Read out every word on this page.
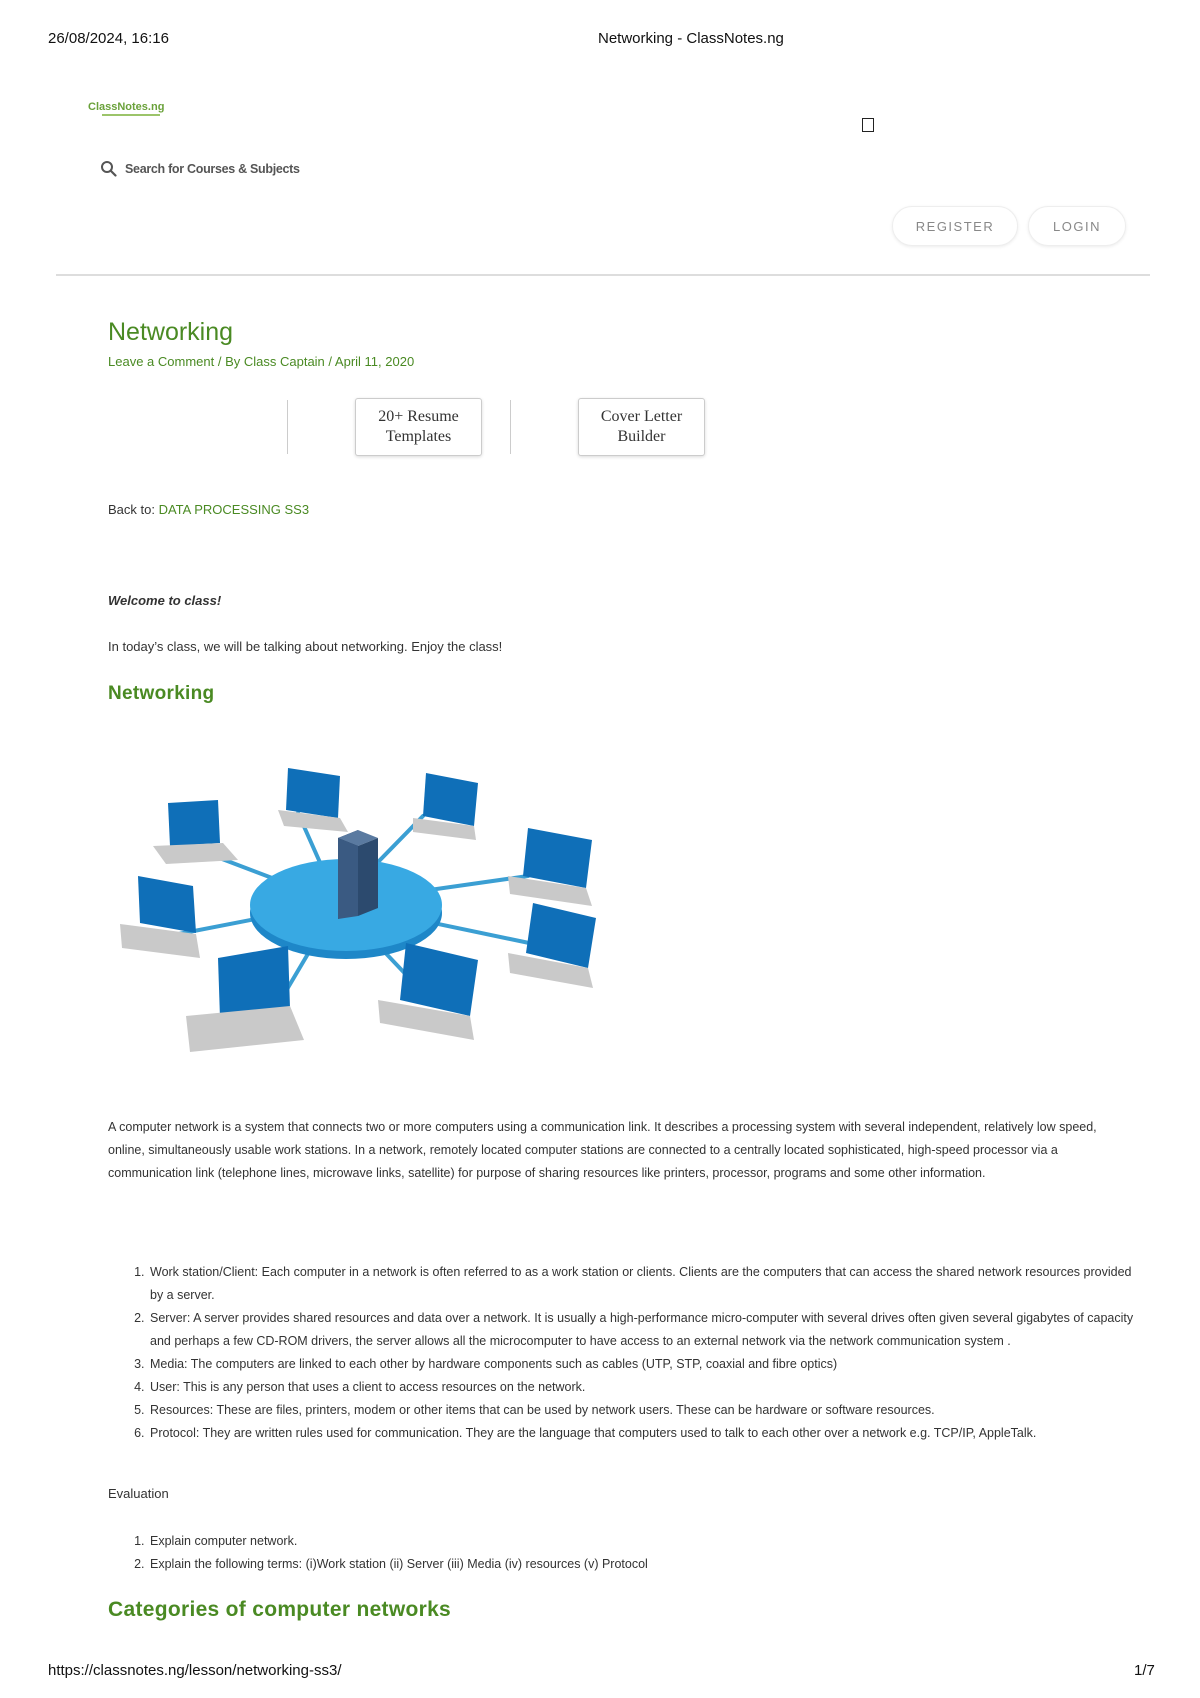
26/08/2024, 16:16	Networking - ClassNotes.ng
ClassNotes.ng
Search for Courses & Subjects
REGISTER	LOGIN
Networking
Leave a Comment / By Class Captain / April 11, 2020
20+ Resume
Templates
Cover Letter
Builder
Back to: DATA PROCESSING SS3
Welcome to class!
In today’s class, we will be talking about networking. Enjoy the class!
Networking
A computer network is a system that connects two or more computers using a communication link. It describes a processing system with several independent, relatively low speed, online, simultaneously usable work stations. In a network, remotely located computer stations are connected to a centrally located sophisticated, high-speed processor via a communication link (telephone lines, microwave links, satellite) for purpose of sharing resources like printers, processor, programs and some other information.
1. Work station/Client: Each computer in a network is often referred to as a work station or clients. Clients are the computers that can access the shared network resources provided by a server.
2. Server: A server provides shared resources and data over a network. It is usually a high-performance micro-computer with several drives often given several gigabytes of capacity and perhaps a few CD-ROM drivers, the server allows all the microcomputer to have access to an external network via the network communication system .
3. Media: The computers are linked to each other by hardware components such as cables (UTP, STP, coaxial and fibre optics)
4. User: This is any person that uses a client to access resources on the network.
5. Resources: These are files, printers, modem or other items that can be used by network users. These can be hardware or software resources.
6. Protocol: They are written rules used for communication. They are the language that computers used to talk to each other over a network e.g. TCP/IP, AppleTalk.
Evaluation
1. Explain computer network.
2. Explain the following terms: (i)Work station (ii) Server (iii) Media (iv) resources (v) Protocol
Categories of computer networks
https://classnotes.ng/lesson/networking-ss3/	1/7
